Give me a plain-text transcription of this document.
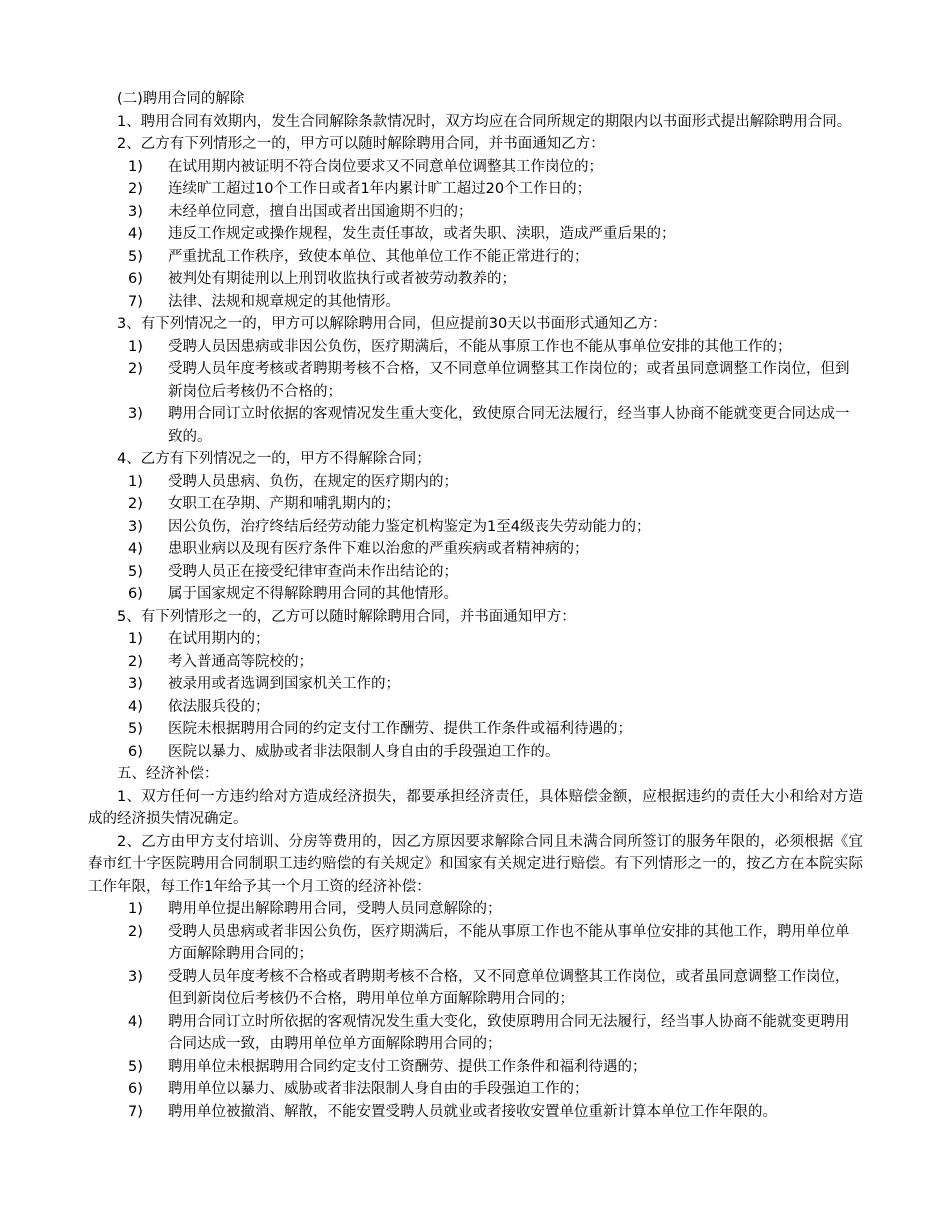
(二)聘用合同的解除

1、聘用合同有效期内，发生合同解除条款情况时，双方均应在合同所规定的期限内以书面形式提出解除聘用合同。

2、乙方有下列情形之一的，甲方可以随时解除聘用合同，并书面通知乙方：

1) 在试用期内被证明不符合岗位要求又不同意单位调整其工作岗位的；

2) 连续旷工超过10个工作日或者1年内累计旷工超过20个工作日的；

3) 未经单位同意，擅自出国或者出国逾期不归的；

4) 违反工作规定或操作规程，发生责任事故，或者失职、渎职，造成严重后果的；

5) 严重扰乱工作秩序，致使本单位、其他单位工作不能正常进行的；

6) 被判处有期徒刑以上刑罚收监执行或者被劳动教养的；

7) 法律、法规和规章规定的其他情形。

3、有下列情况之一的，甲方可以解除聘用合同，但应提前30天以书面形式通知乙方：

1) 受聘人员因患病或非因公负伤，医疗期满后，不能从事原工作也不能从事单位安排的其他工作的；

2) 受聘人员年度考核或者聘期考核不合格，又不同意单位调整其工作岗位的；或者虽同意调整工作岗位，但到新岗位后考核仍不合格的；

3) 聘用合同订立时依据的客观情况发生重大变化，致使原合同无法履行，经当事人协商不能就变更合同达成一致的。

4、乙方有下列情况之一的，甲方不得解除合同；

1) 受聘人员患病、负伤，在规定的医疗期内的；

2) 女职工在孕期、产期和哺乳期内的；

3) 因公负伤，治疗终结后经劳动能力鉴定机构鉴定为1至4级丧失劳动能力的；

4) 患职业病以及现有医疗条件下难以治愈的严重疾病或者精神病的；

5) 受聘人员正在接受纪律审查尚未作出结论的；

6) 属于国家规定不得解除聘用合同的其他情形。

5、有下列情形之一的，乙方可以随时解除聘用合同，并书面通知甲方：

1) 在试用期内的；

2) 考入普通高等院校的；

3) 被录用或者选调到国家机关工作的；

4) 依法服兵役的；

5) 医院未根据聘用合同的约定支付工作酬劳、提供工作条件或福利待遇的；

6) 医院以暴力、威胁或者非法限制人身自由的手段强迫工作的。

五、经济补偿：

1、双方任何一方违约给对方造成经济损失，都要承担经济责任，具体赔偿金额，应根据违约的责任大小和给对方造成的经济损失情况确定。

2、乙方由甲方支付培训、分房等费用的，因乙方原因要求解除合同且未满合同所签订的服务年限的，必须根据《宜春市红十字医院聘用合同制职工违约赔偿的有关规定》和国家有关规定进行赔偿。有下列情形之一的，按乙方在本院实际工作年限，每工作1年给予其一个月工资的经济补偿：

1) 聘用单位提出解除聘用合同，受聘人员同意解除的；

2) 受聘人员患病或者非因公负伤，医疗期满后，不能从事原工作也不能从事单位安排的其他工作，聘用单位单方面解除聘用合同的；

3) 受聘人员年度考核不合格或者聘期考核不合格，又不同意单位调整其工作岗位，或者虽同意调整工作岗位，但到新岗位后考核仍不合格，聘用单位单方面解除聘用合同的；

4) 聘用合同订立时所依据的客观情况发生重大变化，致使原聘用合同无法履行，经当事人协商不能就变更聘用合同达成一致，由聘用单位单方面解除聘用合同的；

5) 聘用单位未根据聘用合同约定支付工资酬劳、提供工作条件和福利待遇的；

6) 聘用单位以暴力、威胁或者非法限制人身自由的手段强迫工作的；

7) 聘用单位被撤消、解散，不能安置受聘人员就业或者接收安置单位重新计算本单位工作年限的。
